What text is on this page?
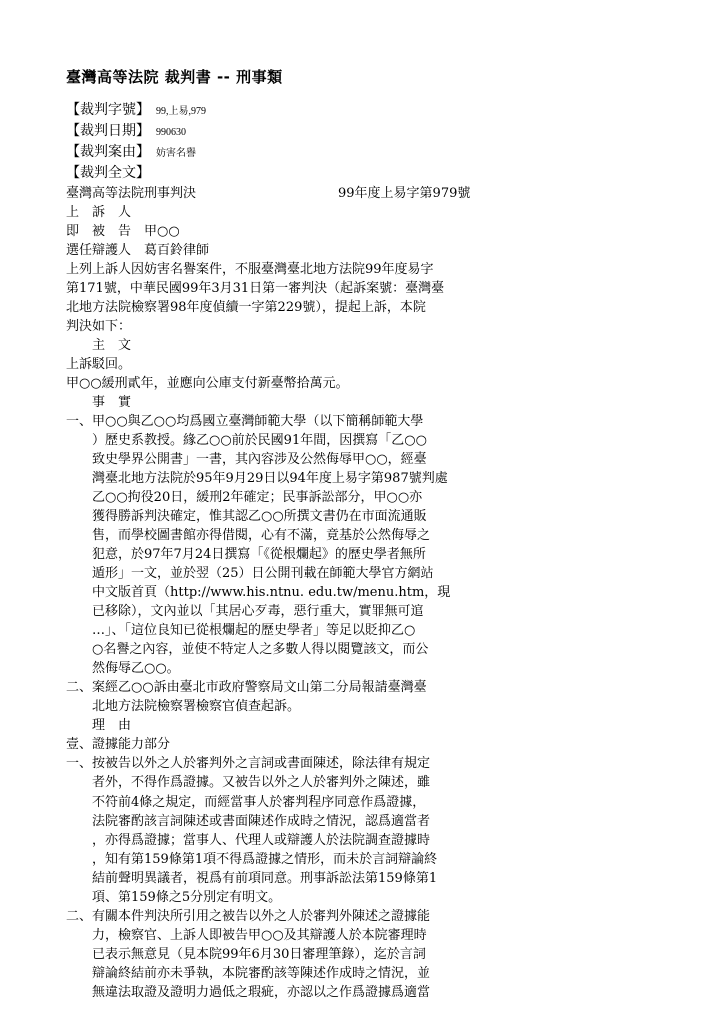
臺灣高等法院 裁判書 -- 刑事類
【裁判字號】 99,上易,979
【裁判日期】 990630
【裁判案由】 妨害名譽
【裁判全文】
臺灣高等法院刑事判決	99年度上易字第979號
上　訴　人
即　被　告　甲○○
選任辯護人　葛百鈴律師
上列上訴人因妨害名譽案件，不服臺灣臺北地方法院99年度易字
第171號，中華民國99年3月31日第一審判決（起訴案號：臺灣臺
北地方法院檢察署98年度偵續一字第229號），提起上訴，本院
判決如下：
　　主　文
上訴駁回。
甲○○緩刑貳年，並應向公庫支付新臺幣拾萬元。
　　事　實
一、甲○○與乙○○均爲國立臺灣師範大學（以下簡稱師範大學
　　）歷史系教授。緣乙○○前於民國91年間，因撰寫「乙○○
　　致史學界公開書」一書，其內容涉及公然侮辱甲○○，經臺
　　灣臺北地方法院於95年9月29日以94年度上易字第987號判處
　　乙○○拘役20日，緩刑2年確定；民事訴訟部分，甲○○亦
　　獲得勝訴判決確定，惟其認乙○○所撰文書仍在市面流通販
　　售，而學校圖書館亦得借閱，心有不滿，竟基於公然侮辱之
　　犯意，於97年7月24日撰寫「《從根爛起》的歷史學者無所
　　遁形」一文，並於翌（25）日公開刊載在師範大學官方網站
　　中文版首頁（http://www.his.ntnu. edu.tw/menu.htm，現
　　已移除），文內並以「其居心歹毒，惡行重大，實罪無可逭
　　…」、「這位良知已從根爛起的歷史學者」等足以貶抑乙○
　　○名譽之內容，並使不特定人之多數人得以閱覽該文，而公
　　然侮辱乙○○。
二、案經乙○○訴由臺北市政府警察局文山第二分局報請臺灣臺
　　北地方法院檢察署檢察官偵查起訴。
　　理　由
壹、證據能力部分
一、按被告以外之人於審判外之言詞或書面陳述，除法律有規定
　　者外，不得作爲證據。又被告以外之人於審判外之陳述，雖
　　不符前4條之規定，而經當事人於審判程序同意作爲證據，
　　法院審酌該言詞陳述或書面陳述作成時之情況，認爲適當者
　　，亦得爲證據；當事人、代理人或辯護人於法院調查證據時
　　，知有第159條第1項不得爲證據之情形，而未於言詞辯論終
　　結前聲明異議者，視爲有前項同意。刑事訴訟法第159條第1
　　項、第159條之5分別定有明文。
二、有關本件判決所引用之被告以外之人於審判外陳述之證據能
　　力，檢察官、上訴人即被告甲○○及其辯護人於本院審理時
　　已表示無意見（見本院99年6月30日審理筆錄），迄於言詞
　　辯論終結前亦未爭執，本院審酌該等陳述作成時之情況，並
　　無違法取證及證明力過低之瑕疵，亦認以之作爲證據爲適當
